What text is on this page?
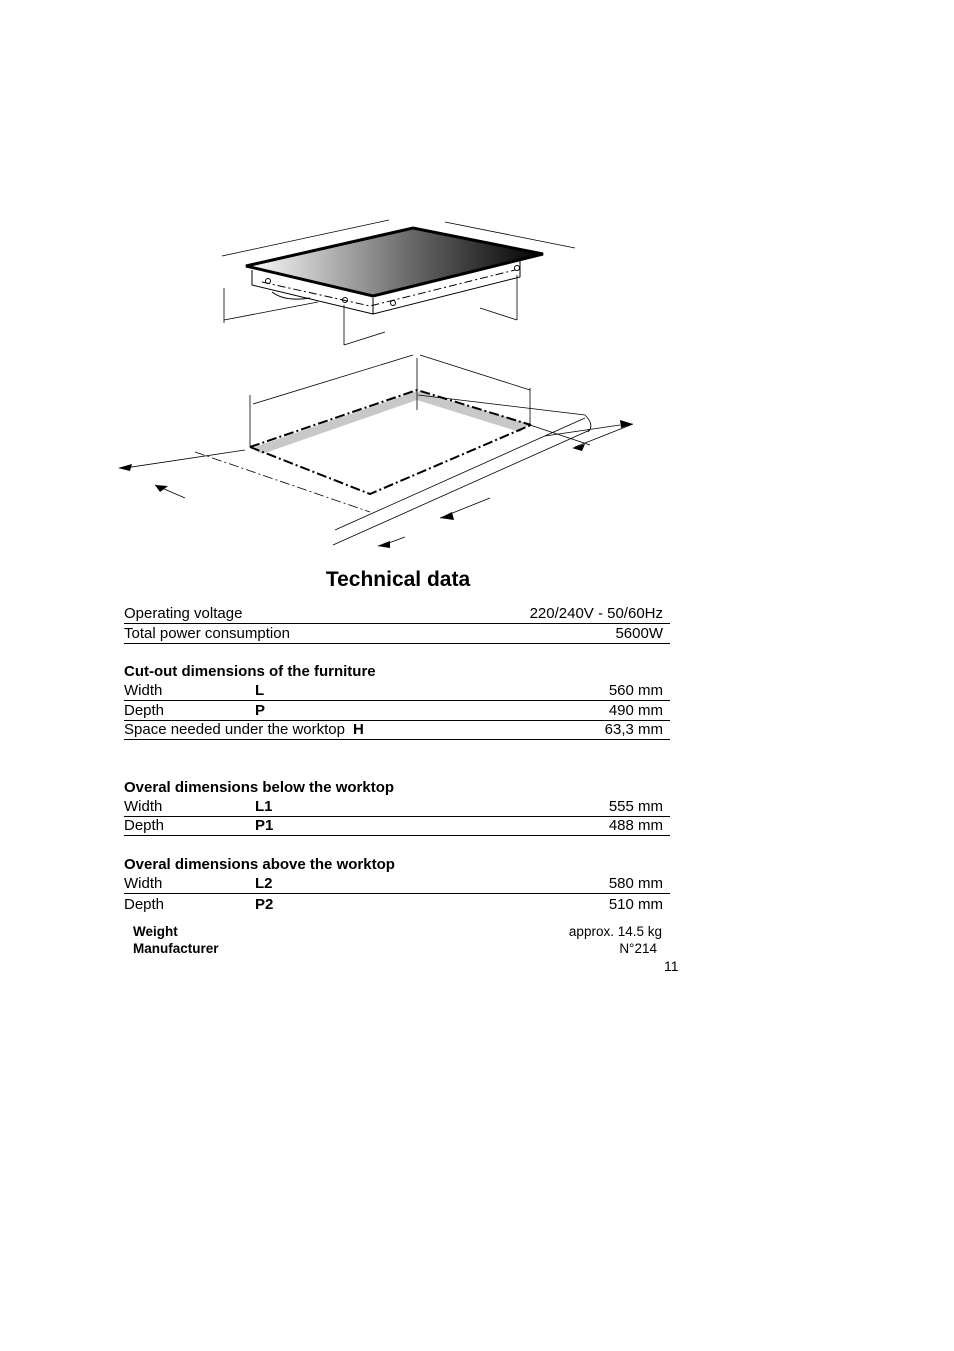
Technical data
Operating voltage	220/240V - 50/60Hz
Total power consumption	5600W
Cut-out dimensions of the furniture
Width	L	560 mm
Depth	P	490 mm
Space needed under the worktop H	63,3 mm
Overal dimensions below the worktop
Width	L1	555 mm
Depth	P1	488 mm
Overal dimensions above the worktop
Width	L2	580 mm
Depth	P2	510 mm
Weight	approx. 14.5 kg
Manufacturer	N°214
11
